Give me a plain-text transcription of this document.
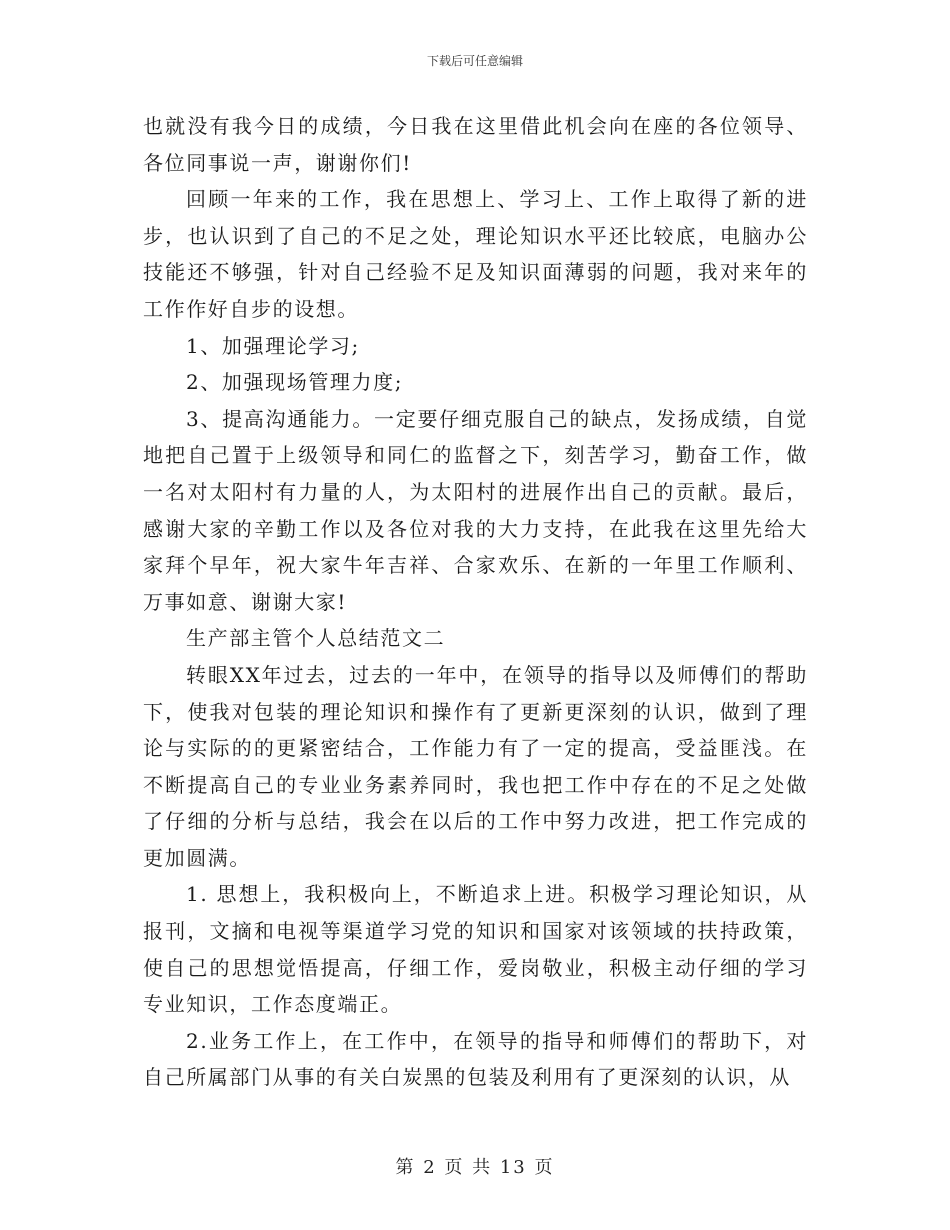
下载后可任意编辑

也就没有我今日的成绩，今日我在这里借此机会向在座的各位领导、各位同事说一声，谢谢你们!

回顾一年来的工作，我在思想上、学习上、工作上取得了新的进步，也认识到了自己的不足之处，理论知识水平还比较底，电脑办公技能还不够强，针对自己经验不足及知识面薄弱的问题，我对来年的工作作好自步的设想。

1、加强理论学习;

2、加强现场管理力度;

3、提高沟通能力。一定要仔细克服自己的缺点，发扬成绩，自觉地把自己置于上级领导和同仁的监督之下，刻苦学习，勤奋工作，做一名对太阳村有力量的人，为太阳村的进展作出自己的贡献。最后，感谢大家的辛勤工作以及各位对我的大力支持，在此我在这里先给大家拜个早年，祝大家牛年吉祥、合家欢乐、在新的一年里工作顺利、万事如意、谢谢大家!

生产部主管个人总结范文二

转眼XX年过去，过去的一年中，在领导的指导以及师傅们的帮助下，使我对包装的理论知识和操作有了更新更深刻的认识，做到了理论与实际的的更紧密结合，工作能力有了一定的提高，受益匪浅。在不断提高自己的专业业务素养同时，我也把工作中存在的不足之处做了仔细的分析与总结，我会在以后的工作中努力改进，把工作完成的更加圆满。

1. 思想上，我积极向上，不断追求上进。积极学习理论知识，从报刊，文摘和电视等渠道学习党的知识和国家对该领域的扶持政策，使自己的思想觉悟提高，仔细工作，爱岗敬业，积极主动仔细的学习专业知识，工作态度端正。

2.业务工作上，在工作中，在领导的指导和师傅们的帮助下，对自己所属部门从事的有关白炭黑的包装及利用有了更深刻的认识，从

第 2 页 共 13 页
